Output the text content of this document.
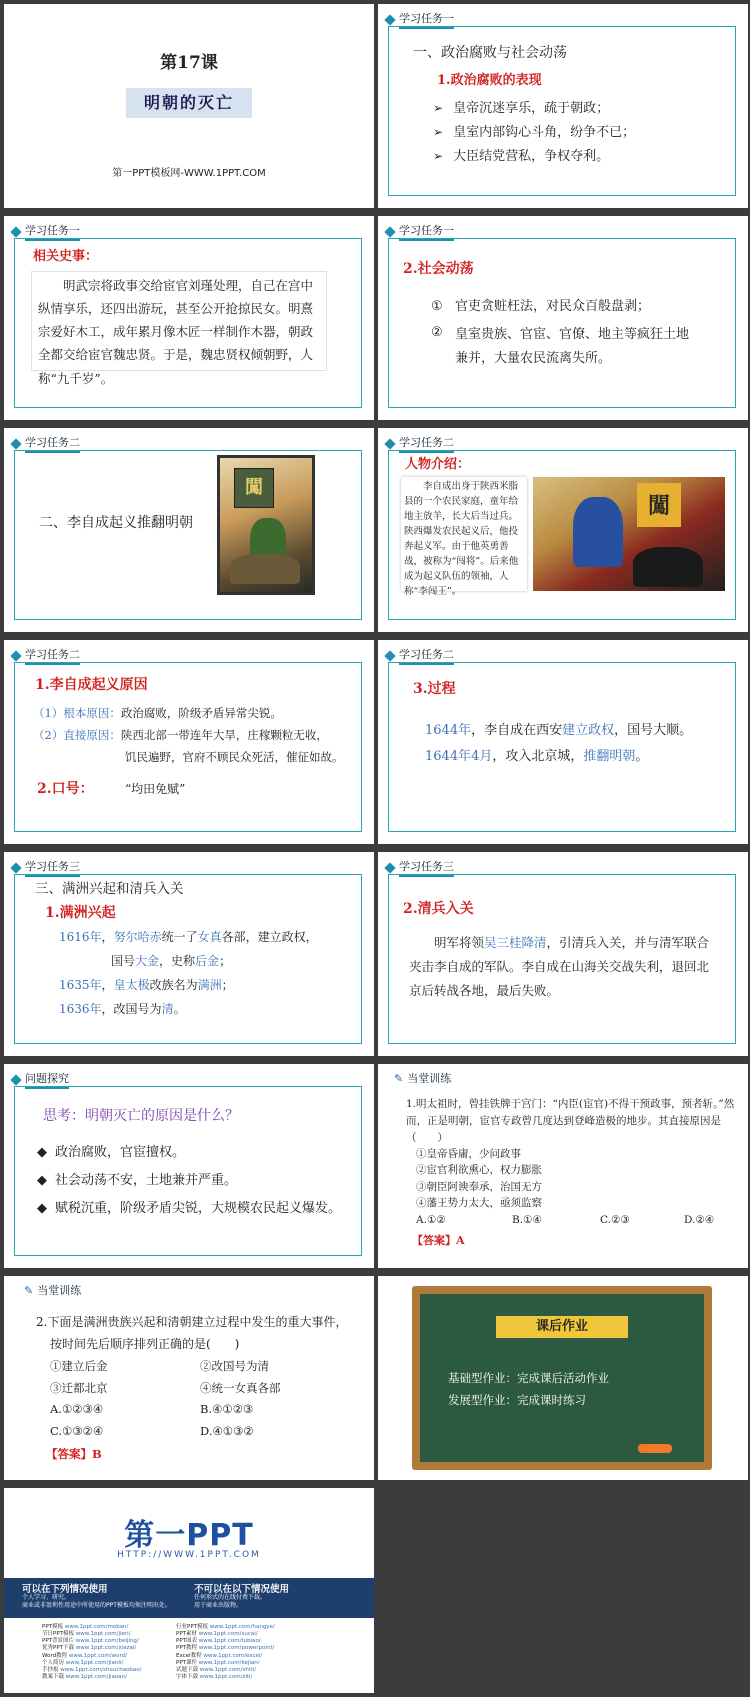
第17课
明朝的灭亡
第一PPT模板网-WWW.1PPT.COM
学习任务一
一、政治腐败与社会动荡
1.政治腐败的表现
➢ 皇帝沉迷享乐，疏于朝政；
➢ 皇室内部钩心斗角，纷争不已；
➢ 大臣结党营私，争权夺利。
学习任务一
相关史事：
明武宗将政事交给宦官刘瑾处理，自己在宫中纵情享乐，还四出游玩，甚至公开抢掠民女。明熹宗爱好木工，成年累月像木匠一样制作木器，朝政全都交给宦官魏忠贤。于是，魏忠贤权倾朝野，人称“九千岁”。
学习任务一
2.社会动荡
① 官吏贪赃枉法，对民众百般盘剥；
② 皇室贵族、官宦、官僚、地主等疯狂土地兼并，大量农民流离失所。
学习任务二
二、李自成起义推翻明朝
闖
学习任务二
人物介绍：
李自成出身于陕西米脂县的一个农民家庭，童年给地主放羊，长大后当过兵。陕西爆发农民起义后，他投奔起义军。由于他英勇善战，被称为“闯将”。后来他成为起义队伍的领袖，人称“李闯王”。
闖
学习任务二
1.李自成起义原因
（1）根本原因：政治腐败，阶级矛盾异常尖锐。
（2）直接原因：陕西北部一带连年大旱，庄稼颗粒无收，
饥民遍野，官府不顾民众死活，催征如故。
2.口号：	“均田免赋”
学习任务二
3.过程
1644年，李自成在西安建立政权，国号大顺。
1644年4月，攻入北京城，推翻明朝。
学习任务三
三、满洲兴起和清兵入关
1.满洲兴起
1616年，努尔哈赤统一了女真各部，建立政权，
国号大金，史称后金；
1635年，皇太极改族名为满洲；
1636年，改国号为清。
学习任务三
2.清兵入关
明军将领吴三桂降清，引清兵入关，并与清军联合夹击李自成的军队。李自成在山海关交战失利，退回北京后转战各地，最后失败。
问题探究
思考：明朝灭亡的原因是什么？
◆ 政治腐败，官宦擅权。
◆ 社会动荡不安，土地兼并严重。
◆ 赋税沉重，阶级矛盾尖锐，大规模农民起义爆发。
✎ 当堂训练
1.明太祖时，曾挂铁牌于宫门：“内臣(宦官)不得干预政事，预者斩。”然而，正是明朝，宦官专政曾几度达到登峰造极的地步。其直接原因是（　　）
①皇帝昏庸，少问政事
②宦官利欲熏心，权力膨胀
③朝臣阿谀奉承，治国无方
④藩王势力太大，亟须监察
A.①②	B.①④	C.②③	D.②④
【答案】A
✎ 当堂训练
2.下面是满洲贵族兴起和清朝建立过程中发生的重大事件，
按时间先后顺序排列正确的是(　　)
①建立后金	②改国号为清
③迁都北京	④统一女真各部
A.①②③④	B.④①②③
C.①③②④	D.④①③②
【答案】B
课后作业
基础型作业：完成课后活动作业
发展型作业：完成课时练习
第一PPT
HTTP://WWW.1PPT.COM
可以在下列情况使用
个人学习、研究。
商业或非盈利性用途中所使用的PPT模板均须注明出处。
不可以在以下情况使用
任何形式的在线付费下载。
用于商业出版物。
PPT模板 www.1ppt.com/moban/
节日PPT模板 www.1ppt.com/jieri/
PPT背景图片 www.1ppt.com/beijing/
优秀PPT下载 www.1ppt.com/xiazai/
Word教程 www.1ppt.com/word/
个人简历 www.1ppt.com/jianli/
手抄报 www.1ppt.com/shouchaobao/
教案下载 www.1ppt.com/jiaoan/
行业PPT模板 www.1ppt.com/hangye/
PPT素材 www.1ppt.com/sucai/
PPT图表 www.1ppt.com/tubiao/
PPT教程 www.1ppt.com/powerpoint/
Excel教程 www.1ppt.com/excel/
PPT课件 www.1ppt.com/kejian/
试题下载 www.1ppt.com/shiti/
字体下载 www.1ppt.com/ziti/
